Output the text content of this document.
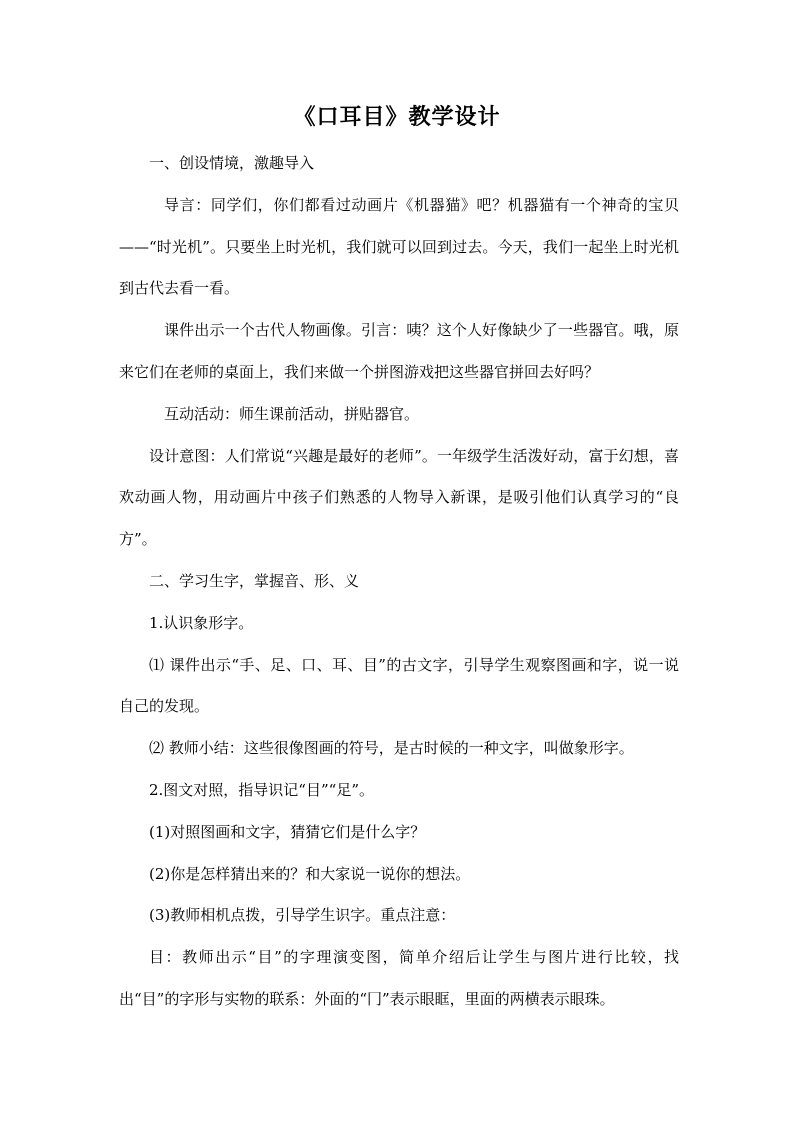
《口耳目》教学设计

一、创设情境，激趣导入

导言：同学们，你们都看过动画片《机器猫》吧？机器猫有一个神奇的宝贝——“时光机”。只要坐上时光机，我们就可以回到过去。今天，我们一起坐上时光机到古代去看一看。

课件出示一个古代人物画像。引言：咦？这个人好像缺少了一些器官。哦，原来它们在老师的桌面上，我们来做一个拼图游戏把这些器官拼回去好吗？

互动活动：师生课前活动，拼贴器官。

设计意图：人们常说“兴趣是最好的老师”。一年级学生活泼好动，富于幻想，喜欢动画人物，用动画片中孩子们熟悉的人物导入新课，是吸引他们认真学习的“良方”。

二、学习生字，掌握音、形、义

1.认识象形字。

⑴ 课件出示“手、足、口、耳、目”的古文字，引导学生观察图画和字，说一说自己的发现。

⑵ 教师小结：这些很像图画的符号，是古时候的一种文字，叫做象形字。

2.图文对照，指导识记“目”“足”。

(1)对照图画和文字，猜猜它们是什么字？

(2)你是怎样猜出来的？和大家说一说你的想法。

(3)教师相机点拨，引导学生识字。重点注意：

目：教师出示“目”的字理演变图，简单介绍后让学生与图片进行比较，找出“目”的字形与实物的联系：外面的“冂”表示眼眶，里面的两横表示眼珠。
